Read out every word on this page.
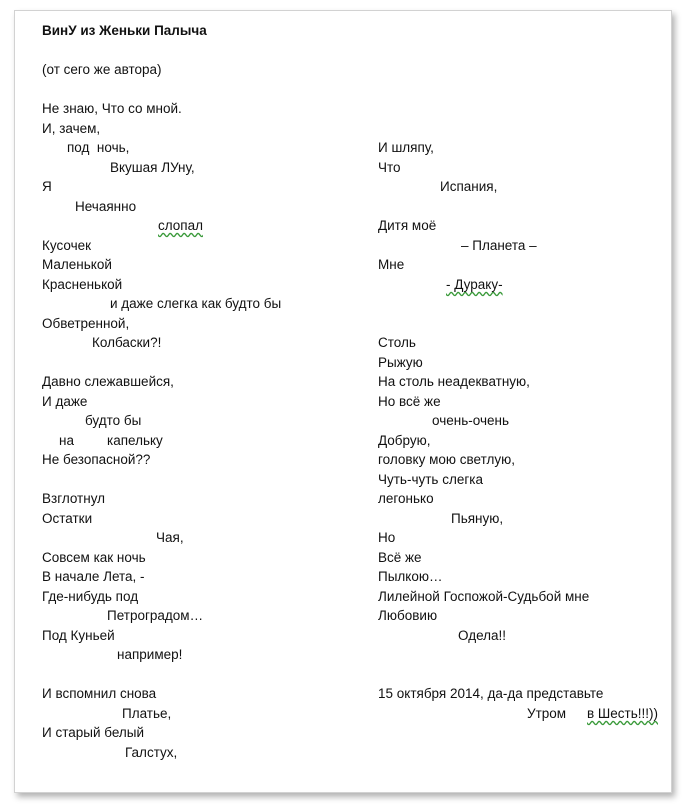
ВинУ из Женьки Палыча
(от сего же автора)
Не знаю, Что со мной.
И, зачем,
под  ночь,
Вкушая ЛУну,
Я
Нечаянно
слопал
Кусочек
Маленькой
Красненькой
и даже слегка как будто бы
Обветренной,
Колбаски?!
Давно слежавшейся,
И даже
будто бы
на капельку
Не безопасной??
Взглотнул
Остатки
Чая,
Совсем как ночь
В начале Лета, -
Где-нибудь под
Петроградом…
Под Куньей
например!
И вспомнил снова
Платье,
И старый белый
Галстух,
И шляпу,
Что
Испания,
Дитя моё
– Планета –
Мне
- Дураку-
Столь
Рыжую
На столь неадекватную,
Но всё же
очень-очень
Добрую,
головку мою светлую,
Чуть-чуть слегка
легонько
Пьяную,
Но
Всё же
Пылкою…
Лилейной Госпожой-Судьбой мне
Любовию
Одела!!
15 октября 2014, да-да представьте
Утром в Шесть!!!))
